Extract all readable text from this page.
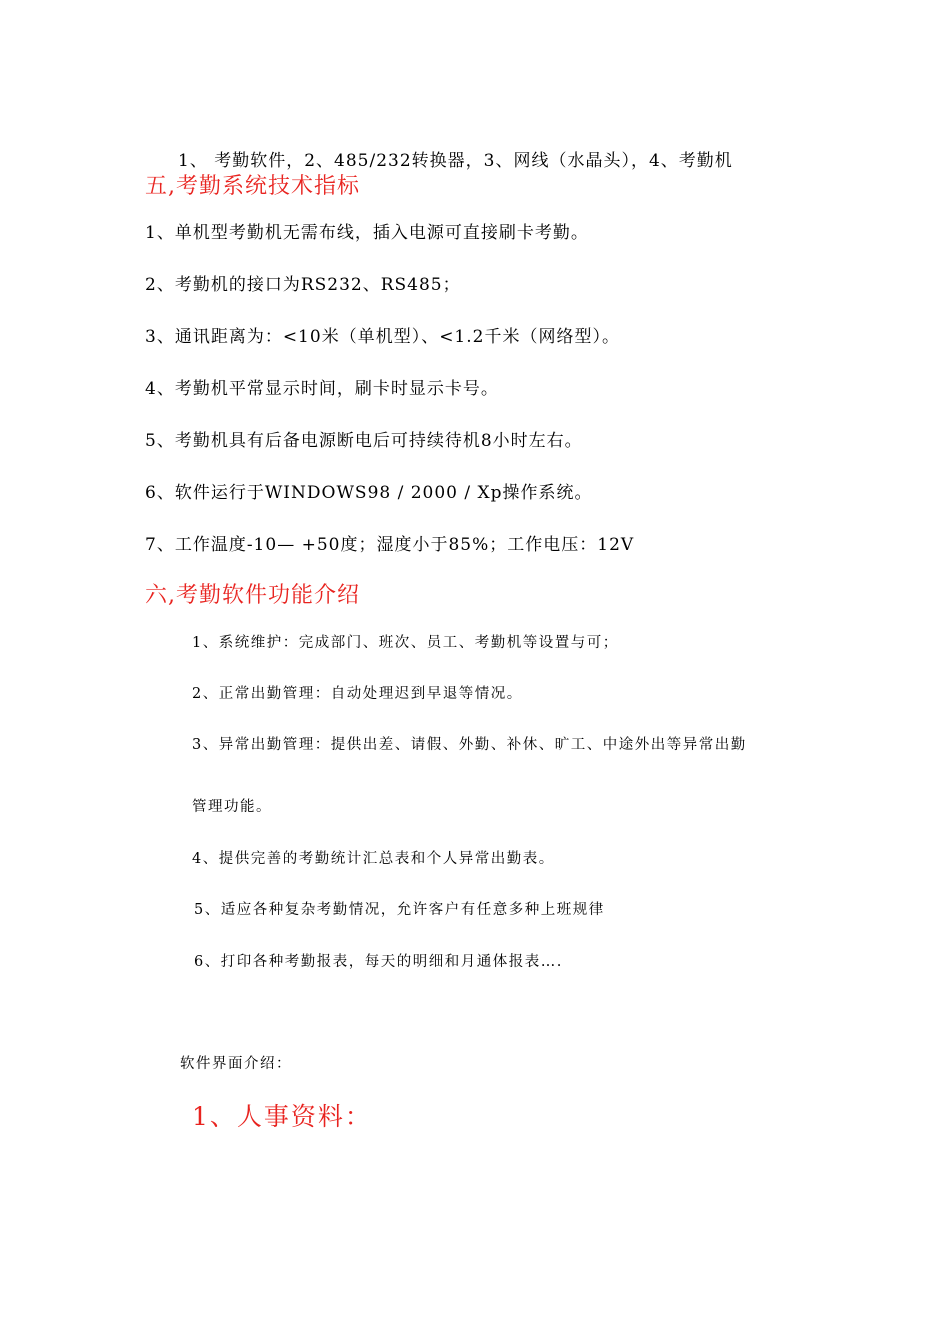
1、 考勤软件，2、485/232转换器，3、网线（水晶头），4、考勤机
五,考勤系统技术指标
1、单机型考勤机无需布线，插入电源可直接刷卡考勤。
2、考勤机的接口为RS232、RS485；
3、通讯距离为：<10米（单机型）、<1.2千米（网络型）。
4、考勤机平常显示时间，刷卡时显示卡号。
5、考勤机具有后备电源断电后可持续待机8小时左右。
6、软件运行于WINDOWS98 / 2000 / Xp操作系统。
7、工作温度-10— +50度；湿度小于85%；工作电压：12V
六,考勤软件功能介绍
1、系统维护：完成部门、班次、员工、考勤机等设置与可；
2、正常出勤管理：自动处理迟到早退等情况。
3、异常出勤管理：提供出差、请假、外勤、补休、旷工、中途外出等异常出勤
管理功能。
4、提供完善的考勤统计汇总表和个人异常出勤表。
5、适应各种复杂考勤情况，允许客户有任意多种上班规律
6、打印各种考勤报表，每天的明细和月通体报表….
软件界面介绍：
1、人事资料：
